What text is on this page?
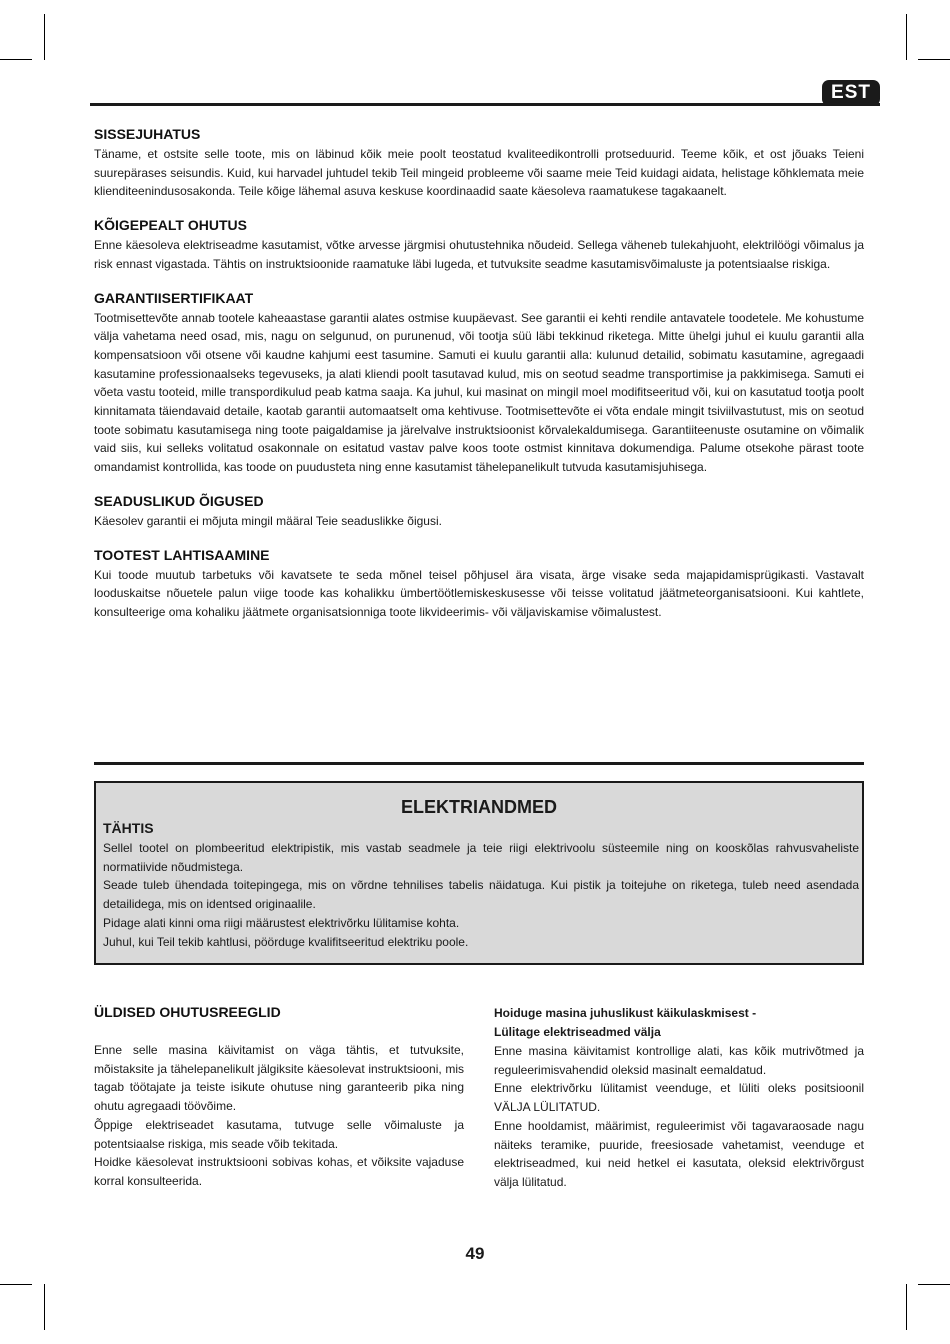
EST
SISSEJUHATUS

Täname, et ostsite selle toote, mis on läbinud kõik meie poolt teostatud kvaliteedikontrolli protseduurid. Teeme kõik, et ost jõuaks Teieni suurepärases seisundis. Kuid, kui harvadel juhtudel tekib Teil mingeid probleeme või saame meie Teid kuidagi aidata, helistage kõhklemata meie klienditeenindusosakonda. Teile kõige lähemal asuva keskuse koordinaadid saate käesoleva raamatukese tagakaanelt.

KÕIGEPEALT OHUTUS

Enne käesoleva elektriseadme kasutamist, võtke arvesse järgmisi ohutustehnika nõudeid. Sellega väheneb tulekahjuoht, elektrilöögi võimalus ja risk ennast vigastada. Tähtis on instruktsioonide raamatuke läbi lugeda, et tutvuksite seadme kasutamisvõimaluste ja potentsiaalse riskiga.

GARANTIISERTIFIKAAT

Tootmisettevõte annab tootele kaheaastase garantii alates ostmise kuupäevast. See garantii ei kehti rendile antavatele toodetele. Me kohustume välja vahetama need osad, mis, nagu on selgunud, on purunenud, või tootja süü läbi tekkinud riketega. Mitte ühelgi juhul ei kuulu garantii alla kompensatsioon või otsene või kaudne kahjumi eest tasumine. Samuti ei kuulu garantii alla: kulunud detailid, sobimatu kasutamine, agregaadi kasutamine professionaalseks tegevuseks, ja alati kliendi poolt tasutavad kulud, mis on seotud seadme transportimise ja pakkimisega. Samuti ei võeta vastu tooteid, mille transpordikulud peab katma saaja. Ka juhul, kui masinat on mingil moel modifitseeritud või, kui on kasutatud tootja poolt kinnitamata täiendavaid detaile, kaotab garantii automaatselt oma kehtivuse. Tootmisettevõte ei võta endale mingit tsiviilvastutust, mis on seotud toote sobimatu kasutamisega ning toote paigaldamise ja järelvalve instruktsioonist kõrvalekaldumisega. Garantiiteenuste osutamine on võimalik vaid siis, kui selleks volitatud osakonnale on esitatud vastav palve koos toote ostmist kinnitava dokumendiga. Palume otsekohe pärast toote omandamist kontrollida, kas toode on puudusteta ning enne kasutamist tähelepanelikult tutvuda kasutamisjuhisega.

SEADUSLIKUD ÕIGUSED

Käesolev garantii ei mõjuta mingil määral Teie seaduslikke õigusi.

TOOTEST LAHTISAAMINE

Kui toode muutub tarbetuks või kavatsete te seda mõnel teisel põhjusel ära visata, ärge visake seda majapidamisprügikasti. Vastavalt looduskaitse nõuetele palun viige toode kas kohalikku ümbertöötlemiskeskusesse või teisse volitatud jäätmeteorganisatsiooni. Kui kahtlete, konsulteerige oma kohaliku jäätmete organisatsionniga toote likvideerimis- või väljaviskamise võimalustest.

ELEKTRIANDMED
TÄHTIS

Sellel tootel on plombeeritud elektripistik, mis vastab seadmele ja teie riigi elektrivoolu süsteemile ning on kooskõlas rahvusvaheliste normatiivide nõudmistega.

Seade tuleb ühendada toitepingega, mis on võrdne tehnilises tabelis näidatuga. Kui pistik ja toitejuhe on riketega, tuleb need asendada detailidega, mis on identsed originaalile.

Pidage alati kinni oma riigi määrustest elektrivõrku lülitamise kohta.

Juhul, kui Teil tekib kahtlusi, pöörduge kvalifitseeritud elektriku poole.

ÜLDISED OHUTUSREEGLID

Enne selle masina käivitamist on väga tähtis, et tutvuksite, mõistaksite ja tähelepanelikult jälgiksite käesolevat instruktsiooni, mis tagab töötajate ja teiste isikute ohutuse ning garanteerib pika ning ohutu agregaadi töövõime.

Õppige elektriseadet kasutama, tutvuge selle võimaluste ja potentsiaalse riskiga, mis seade võib tekitada.

Hoidke käesolevat instruktsiooni sobivas kohas, et võiksite vajaduse korral konsulteerida.

Hoiduge masina juhuslikust käikulaskmisest -
Lülitage elektriseadmed välja

Enne masina käivitamist kontrollige alati, kas kõik mutrivõtmed ja reguleerimisvahendid oleksid masinalt eemaldatud.

Enne elektrivõrku lülitamist veenduge, et lüliti oleks positsioonil VÄLJA LÜLITATUD.

Enne hooldamist, määrimist, reguleerimist või tagavaraosade nagu näiteks teramike, puuride, freesiosade vahetamist, veenduge et elektriseadmed, kui neid hetkel ei kasutata, oleksid elektrivõrgust välja lülitatud.

49
